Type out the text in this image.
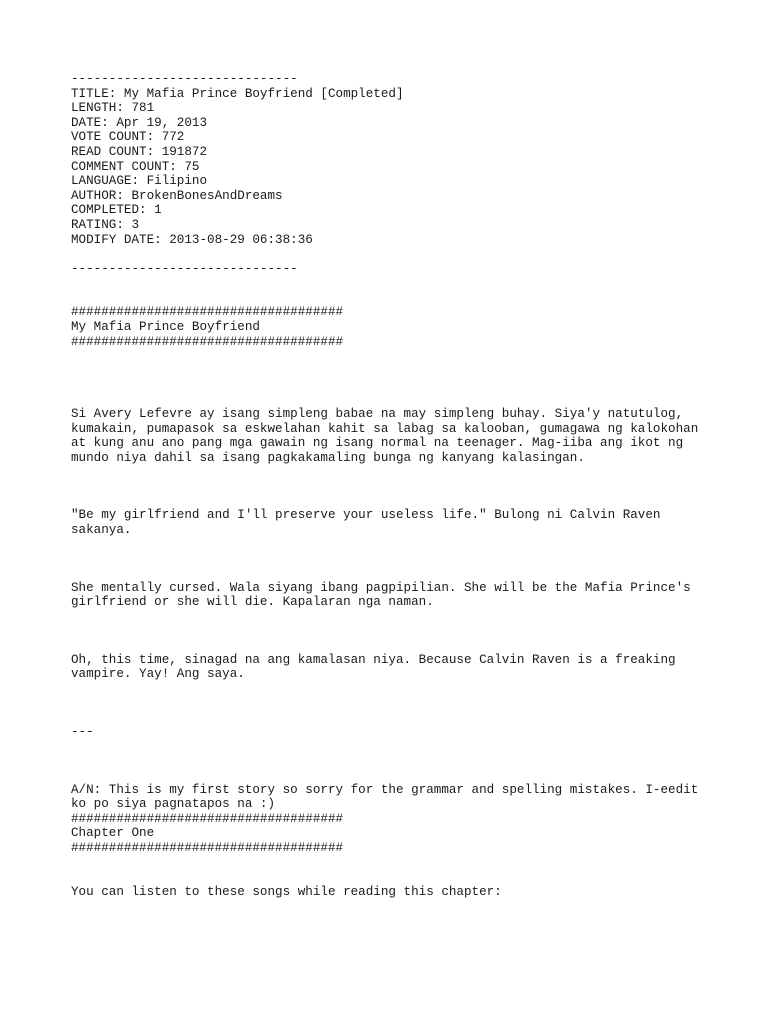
------------------------------
TITLE: My Mafia Prince Boyfriend [Completed]
LENGTH: 781
DATE: Apr 19, 2013
VOTE COUNT: 772
READ COUNT: 191872
COMMENT COUNT: 75
LANGUAGE: Filipino
AUTHOR: BrokenBonesAndDreams
COMPLETED: 1
RATING: 3
MODIFY DATE: 2013-08-29 06:38:36
------------------------------
####################################
My Mafia Prince Boyfriend
####################################
Si Avery Lefevre ay isang simpleng babae na may simpleng buhay. Siya'y natutulog,
kumakain, pumapasok sa eskwelahan kahit sa labag sa kalooban, gumagawa ng kalokohan
at kung anu ano pang mga gawain ng isang normal na teenager. Mag-iiba ang ikot ng
mundo niya dahil sa isang pagkakamaling bunga ng kanyang kalasingan.
"Be my girlfriend and I'll preserve your useless life." Bulong ni Calvin Raven
sakanya.
She mentally cursed. Wala siyang ibang pagpipilian. She will be the Mafia Prince's
girlfriend or she will die. Kapalaran nga naman.
Oh, this time, sinagad na ang kamalasan niya. Because Calvin Raven is a freaking
vampire. Yay! Ang saya.
---
A/N: This is my first story so sorry for the grammar and spelling mistakes. I-eedit
ko po siya pagnatapos na :)
####################################
Chapter One
####################################
You can listen to these songs while reading this chapter:
